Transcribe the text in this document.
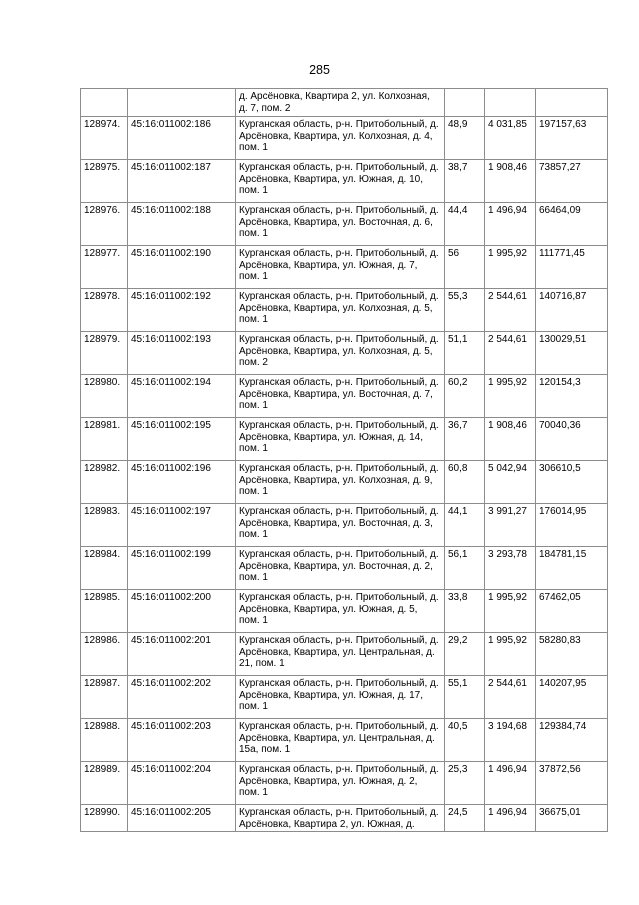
285
		д. Арсёновка, Квартира 2, ул. Колхозная, д. 7, пом. 2			
128974.	45:16:011002:186	Курганская область, р-н. Притобольный, д. Арсёновка, Квартира, ул. Колхозная, д. 4, пом. 1	48,9	4 031,85	197157,63
128975.	45:16:011002:187	Курганская область, р-н. Притобольный, д. Арсёновка, Квартира, ул. Южная, д. 10, пом. 1	38,7	1 908,46	73857,27
128976.	45:16:011002:188	Курганская область, р-н. Притобольный, д. Арсёновка, Квартира, ул. Восточная, д. 6, пом. 1	44,4	1 496,94	66464,09
128977.	45:16:011002:190	Курганская область, р-н. Притобольный, д. Арсёновка, Квартира, ул. Южная, д. 7, пом. 1	56	1 995,92	111771,45
128978.	45:16:011002:192	Курганская область, р-н. Притобольный, д. Арсёновка, Квартира, ул. Колхозная, д. 5, пом. 1	55,3	2 544,61	140716,87
128979.	45:16:011002:193	Курганская область, р-н. Притобольный, д. Арсёновка, Квартира, ул. Колхозная, д. 5, пом. 2	51,1	2 544,61	130029,51
128980.	45:16:011002:194	Курганская область, р-н. Притобольный, д. Арсёновка, Квартира, ул. Восточная, д. 7, пом. 1	60,2	1 995,92	120154,3
128981.	45:16:011002:195	Курганская область, р-н. Притобольный, д. Арсёновка, Квартира, ул. Южная, д. 14, пом. 1	36,7	1 908,46	70040,36
128982.	45:16:011002:196	Курганская область, р-н. Притобольный, д. Арсёновка, Квартира, ул. Колхозная, д. 9, пом. 1	60,8	5 042,94	306610,5
128983.	45:16:011002:197	Курганская область, р-н. Притобольный, д. Арсёновка, Квартира, ул. Восточная, д. 3, пом. 1	44,1	3 991,27	176014,95
128984.	45:16:011002:199	Курганская область, р-н. Притобольный, д. Арсёновка, Квартира, ул. Восточная, д. 2, пом. 1	56,1	3 293,78	184781,15
128985.	45:16:011002:200	Курганская область, р-н. Притобольный, д. Арсёновка, Квартира, ул. Южная, д. 5, пом. 1	33,8	1 995,92	67462,05
128986.	45:16:011002:201	Курганская область, р-н. Притобольный, д. Арсёновка, Квартира, ул. Центральная, д. 21, пом. 1	29,2	1 995,92	58280,83
128987.	45:16:011002:202	Курганская область, р-н. Притобольный, д. Арсёновка, Квартира, ул. Южная, д. 17, пом. 1	55,1	2 544,61	140207,95
128988.	45:16:011002:203	Курганская область, р-н. Притобольный, д. Арсёновка, Квартира, ул. Центральная, д. 15а, пом. 1	40,5	3 194,68	129384,74
128989.	45:16:011002:204	Курганская область, р-н. Притобольный, д. Арсёновка, Квартира, ул. Южная, д. 2, пом. 1	25,3	1 496,94	37872,56
128990.	45:16:011002:205	Курганская область, р-н. Притобольный, д. Арсёновка, Квартира 2, ул. Южная, д.	24,5	1 496,94	36675,01
